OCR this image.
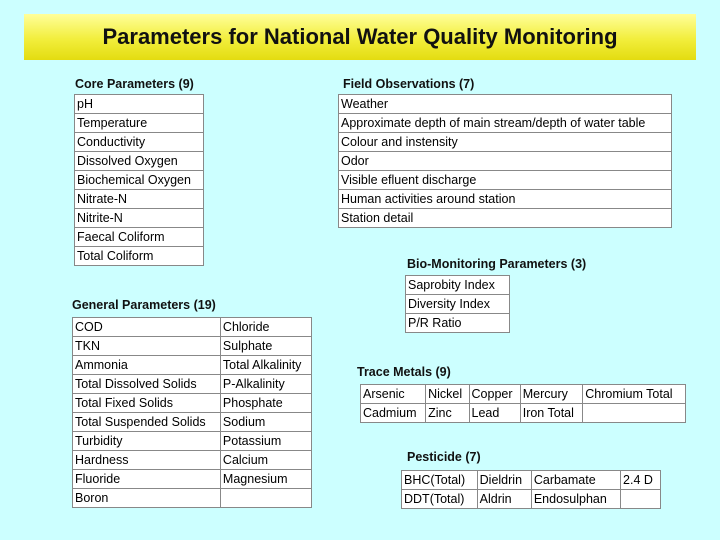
Parameters for National Water Quality Monitoring
Core Parameters (9)
pH
Temperature
Conductivity
Dissolved Oxygen
Biochemical Oxygen
Nitrate-N
Nitrite-N
Faecal Coliform
Total Coliform
Field Observations (7)
Weather
Approximate depth of main stream/depth of water table
Colour and instensity
Odor
Visible efluent discharge
Human activities around station
Station detail
Bio-Monitoring Parameters (3)
Saprobity Index
Diversity Index
P/R Ratio
General Parameters (19)
COD	Chloride
TKN	Sulphate
Ammonia	Total Alkalinity
Total Dissolved Solids	P-Alkalinity
Total Fixed Solids	Phosphate
Total Suspended Solids	Sodium
Turbidity	Potassium
Hardness	Calcium
Fluoride	Magnesium
Boron	
Trace Metals (9)
Arsenic	Nickel	Copper	Mercury	Chromium Total
Cadmium	Zinc	Lead	Iron Total	
Pesticide (7)
BHC(Total)	Dieldrin	Carbamate	2.4 D
DDT(Total)	Aldrin	Endosulphan	
